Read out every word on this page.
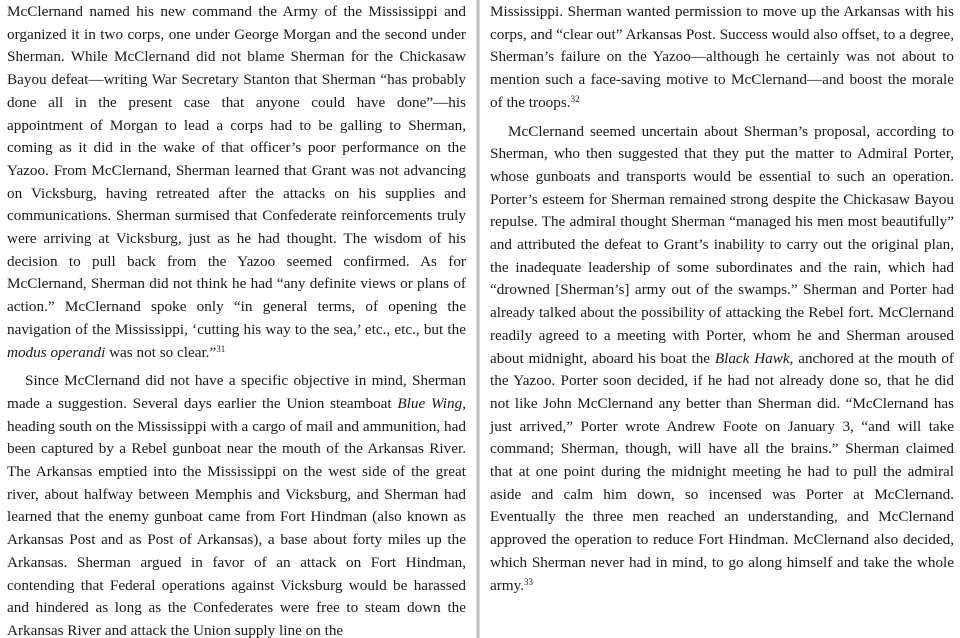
McClernand named his new command the Army of the Mississippi and organized it in two corps, one under George Morgan and the second under Sherman. While McClernand did not blame Sherman for the Chickasaw Bayou defeat—writing War Secretary Stanton that Sherman “has probably done all in the present case that anyone could have done”—his appointment of Morgan to lead a corps had to be galling to Sherman, coming as it did in the wake of that officer’s poor performance on the Yazoo. From McClernand, Sherman learned that Grant was not advancing on Vicksburg, having retreated after the attacks on his supplies and communications. Sherman surmised that Confederate reinforcements truly were arriving at Vicksburg, just as he had thought. The wisdom of his decision to pull back from the Yazoo seemed confirmed. As for McClernand, Sherman did not think he had “any definite views or plans of action.” McClernand spoke only “in general terms, of opening the navigation of the Mississippi, ‘cutting his way to the sea,’ etc., etc., but the modus operandi was not so clear.”$^{31}$

Since McClernand did not have a specific objective in mind, Sherman made a suggestion. Several days earlier the Union steamboat Blue Wing, heading south on the Mississippi with a cargo of mail and ammunition, had been captured by a Rebel gunboat near the mouth of the Arkansas River. The Arkansas emptied into the Mississippi on the west side of the great river, about halfway between Memphis and Vicksburg, and Sherman had learned that the enemy gunboat came from Fort Hindman (also known as Arkansas Post and as Post of Arkansas), a base about forty miles up the Arkansas. Sherman argued in favor of an attack on Fort Hindman, contending that Federal operations against Vicksburg would be harassed and hindered as long as the Confederates were free to steam down the Arkansas River and attack the Union supply line on the

Mississippi. Sherman wanted permission to move up the Arkansas with his corps, and “clear out” Arkansas Post. Success would also offset, to a degree, Sherman’s failure on the Yazoo—although he certainly was not about to mention such a face-saving motive to McClernand—and boost the morale of the troops.$^{32}$

McClernand seemed uncertain about Sherman’s proposal, according to Sherman, who then suggested that they put the matter to Admiral Porter, whose gunboats and transports would be essential to such an operation. Porter’s esteem for Sherman remained strong despite the Chickasaw Bayou repulse. The admiral thought Sherman “managed his men most beautifully” and attributed the defeat to Grant’s inability to carry out the original plan, the inadequate leadership of some subordinates and the rain, which had “drowned [Sherman’s] army out of the swamps.” Sherman and Porter had already talked about the possibility of attacking the Rebel fort. McClernand readily agreed to a meeting with Porter, whom he and Sherman aroused about midnight, aboard his boat the Black Hawk, anchored at the mouth of the Yazoo. Porter soon decided, if he had not already done so, that he did not like John McClernand any better than Sherman did. “McClernand has just arrived,” Porter wrote Andrew Foote on January 3, “and will take command; Sherman, though, will have all the brains.” Sherman claimed that at one point during the midnight meeting he had to pull the admiral aside and calm him down, so incensed was Porter at McClernand. Eventually the three men reached an understanding, and McClernand approved the operation to reduce Fort Hindman. McClernand also decided, which Sherman never had in mind, to go along himself and take the whole army.$^{33}$
